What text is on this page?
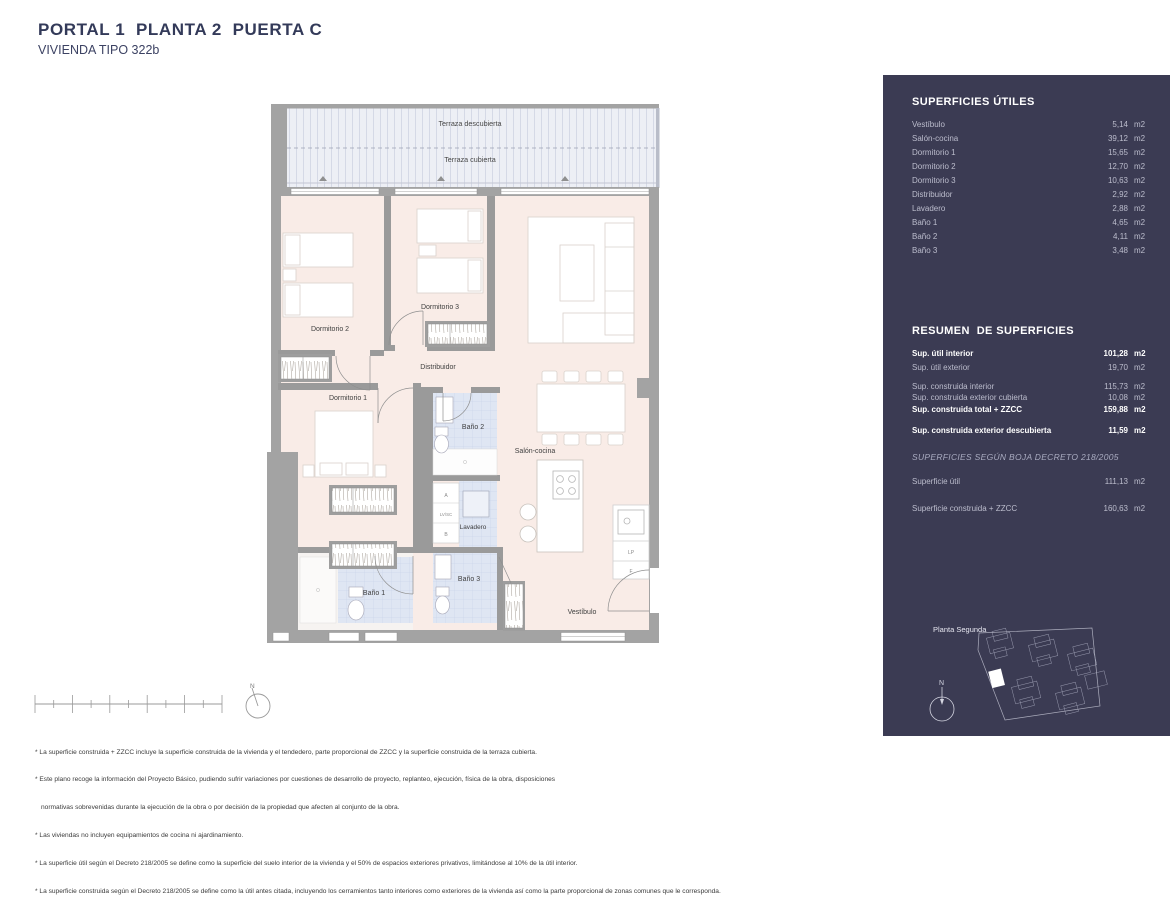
PORTAL 1  PLANTA 2  PUERTA C
VIVIENDA TIPO 322b
Terraza descubierta
Terraza cubierta
Dormitorio 2
Dormitorio 3
Distribuidor
Dormitorio 1
Baño 2
Salón-cocina
Lavadero
Baño 3
Baño 1
Vestíbulo
A
LV/SC
B
LP
F
N
SUPERFICIES ÚTILES
Vestíbulo	5,14 m2
Salón-cocina	39,12 m2
Dormitorio 1	15,65 m2
Dormitorio 2	12,70 m2
Dormitorio 3	10,63 m2
Distribuidor	2,92 m2
Lavadero	2,88 m2
Baño 1	4,65 m2
Baño 2	4,11 m2
Baño 3	3,48 m2
RESUMEN  DE SUPERFICIES
Sup. útil interior	101,28 m2
Sup. útil exterior	19,70 m2
Sup. construida interior	115,73 m2
Sup. construida exterior cubierta	10,08 m2
Sup. construida total + ZZCC	159,88 m2
Sup. construida exterior descubierta	11,59 m2
SUPERFICIES SEGÚN BOJA DECRETO 218/2005
Superficie útil	111,13 m2
Superficie construida + ZZCC	160,63 m2
Planta Segunda
N

* La superficie construida + ZZCC incluye la superficie construida de la vivienda y el tendedero, parte proporcional de ZZCC y la superficie construida de la terraza cubierta.

* Este plano recoge la información del Proyecto Básico, pudiendo sufrir variaciones por cuestiones de desarrollo de proyecto, replanteo, ejecución, física de la obra, disposiciones

normativas sobrevenidas durante la ejecución de la obra o por decisión de la propiedad que afecten al conjunto de la obra.

* Las viviendas no incluyen equipamientos de cocina ni ajardinamiento.

* La superficie útil según el Decreto 218/2005 se define como la superficie del suelo interior de la vivienda y el 50% de espacios exteriores privativos, limitándose al 10% de la útil interior.

* La superficie construida según el Decreto 218/2005 se define como la útil antes citada, incluyendo los cerramientos tanto interiores como exteriores de la vivienda así como la parte proporcional de zonas comunes que le corresponda.
